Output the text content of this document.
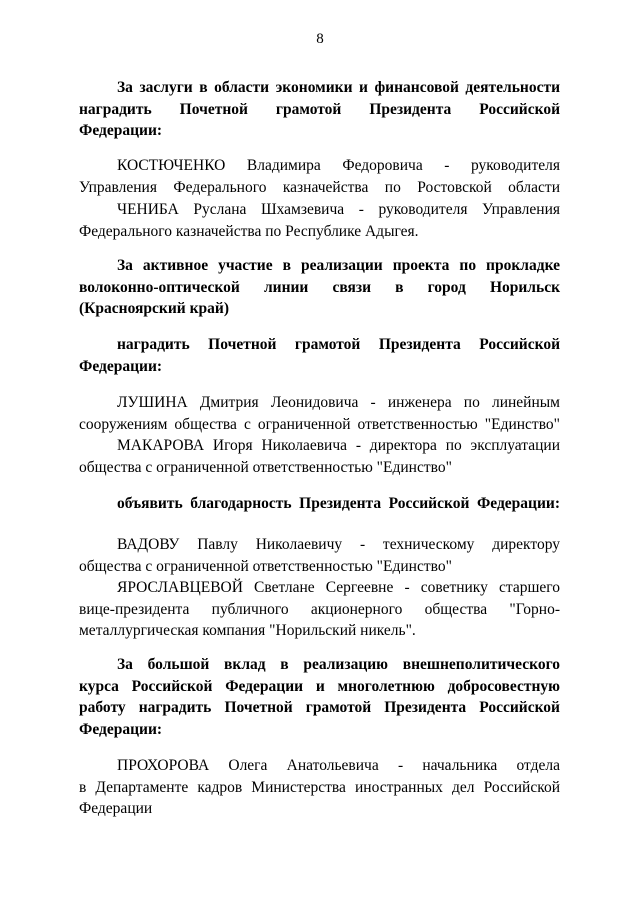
8
За заслуги в области экономики и финансовой деятельности
наградить Почетной грамотой Президента Российской
Федерации:
КОСТЮЧЕНКО Владимира Федоровича - руководителя
Управления Федерального казначейства по Ростовской области
ЧЕНИБА Руслана Шхамзевича - руководителя Управления
Федерального казначейства по Республике Адыгея.
За активное участие в реализации проекта по прокладке
волоконно-оптической линии связи в город Норильск
(Красноярский край)
наградить Почетной грамотой Президента Российской
Федерации:
ЛУШИНА Дмитрия Леонидовича - инженера по линейным
сооружениям общества с ограниченной ответственностью "Единство"
МАКАРОВА Игоря Николаевича - директора по эксплуатации
общества с ограниченной ответственностью "Единство"
объявить благодарность Президента Российской Федерации:
ВАДОВУ Павлу Николаевичу - техническому директору
общества с ограниченной ответственностью "Единство"
ЯРОСЛАВЦЕВОЙ Светлане Сергеевне - советнику старшего
вице-президента публичного акционерного общества "Горно-
металлургическая компания "Норильский никель".
За большой вклад в реализацию внешнеполитического
курса Российской Федерации и многолетнюю добросовестную
работу наградить Почетной грамотой Президента Российской
Федерации:
ПРОХОРОВА Олега Анатольевича - начальника отдела
в Департаменте кадров Министерства иностранных дел Российской
Федерации
